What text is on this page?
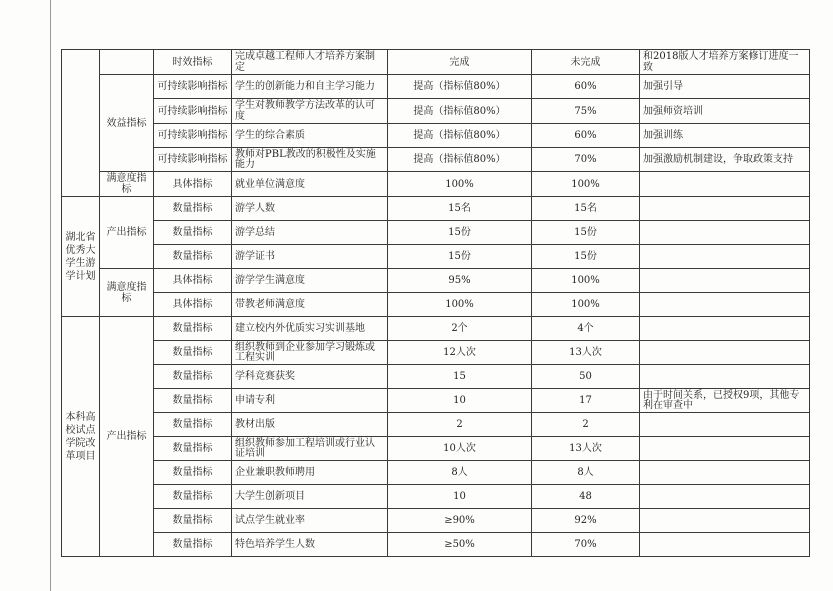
		时效指标	完成卓越工程师人才培养方案制定	完成	未完成	和2018版人才培养方案修订进度一致
	效益指标	可持续影响指标	学生的创新能力和自主学习能力	提高（指标值80%）	60%	加强引导
		可持续影响指标	学生对教师教学方法改革的认可度	提高（指标值80%）	75%	加强师资培训
		可持续影响指标	学生的综合素质	提高（指标值80%）	60%	加强训练
		可持续影响指标	教师对PBL教改的积极性及实施能力	提高（指标值80%）	70%	加强激励机制建设，争取政策支持
	满意度指标	具体指标	就业单位满意度	100%	100%	
湖北省优秀大学生游学计划	产出指标	数量指标	游学人数	15名	15名	
		数量指标	游学总结	15份	15份	
		数量指标	游学证书	15份	15份	
	满意度指标	具体指标	游学学生满意度	95%	100%	
		具体指标	带教老师满意度	100%	100%	
本科高校试点学院改革项目	产出指标	数量指标	建立校内外优质实习实训基地	2个	4个	
		数量指标	组织教师到企业参加学习锻炼或工程实训	12人次	13人次	
		数量指标	学科竞赛获奖	15	50	
		数量指标	申请专利	10	17	由于时间关系，已授权9项，其他专利在审查中
		数量指标	教材出版	2	2	
		数量指标	组织教师参加工程培训或行业认证培训	10人次	13人次	
		数量指标	企业兼职教师聘用	8人	8人	
		数量指标	大学生创新项目	10	48	
		数量指标	试点学生就业率	≥90%	92%	
		数量指标	特色培养学生人数	≥50%	70%	
